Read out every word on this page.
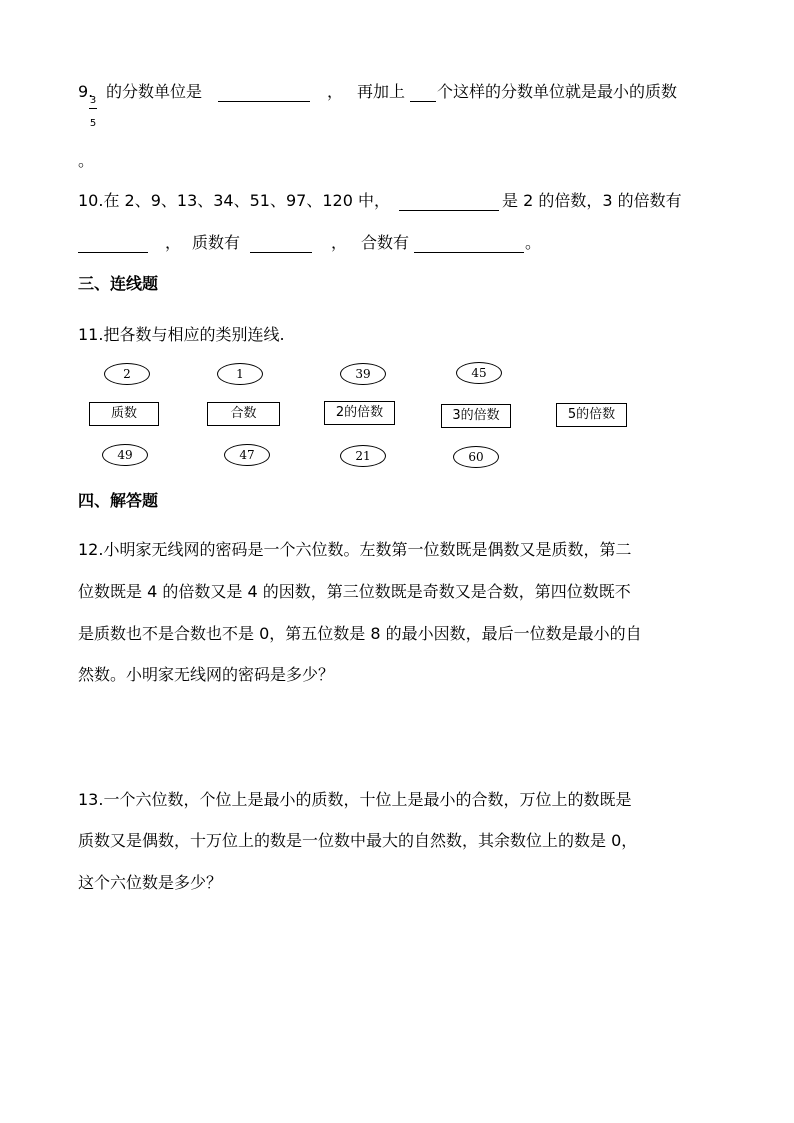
9.
3
5
的分数单位是	， 再加上 个这样的分数单位就是最小的质数
。
10.在 2、9、13、34、51、97、120 中，	是 2 的倍数，3 的倍数有
， 质数有	， 合数有	。
三、连线题
11.把各数与相应的类别连线.
2	1	39	45
质数	合数	2的倍数	3的倍数	5的倍数
49	47	21	60
四、解答题
12.小明家无线网的密码是一个六位数。左数第一位数既是偶数又是质数，第二
位数既是 4 的倍数又是 4 的因数，第三位数既是奇数又是合数，第四位数既不
是质数也不是合数也不是 0，第五位数是 8 的最小因数，最后一位数是最小的自
然数。小明家无线网的密码是多少？
13.一个六位数，个位上是最小的质数，十位上是最小的合数，万位上的数既是
质数又是偶数，十万位上的数是一位数中最大的自然数，其余数位上的数是 0，
这个六位数是多少？
